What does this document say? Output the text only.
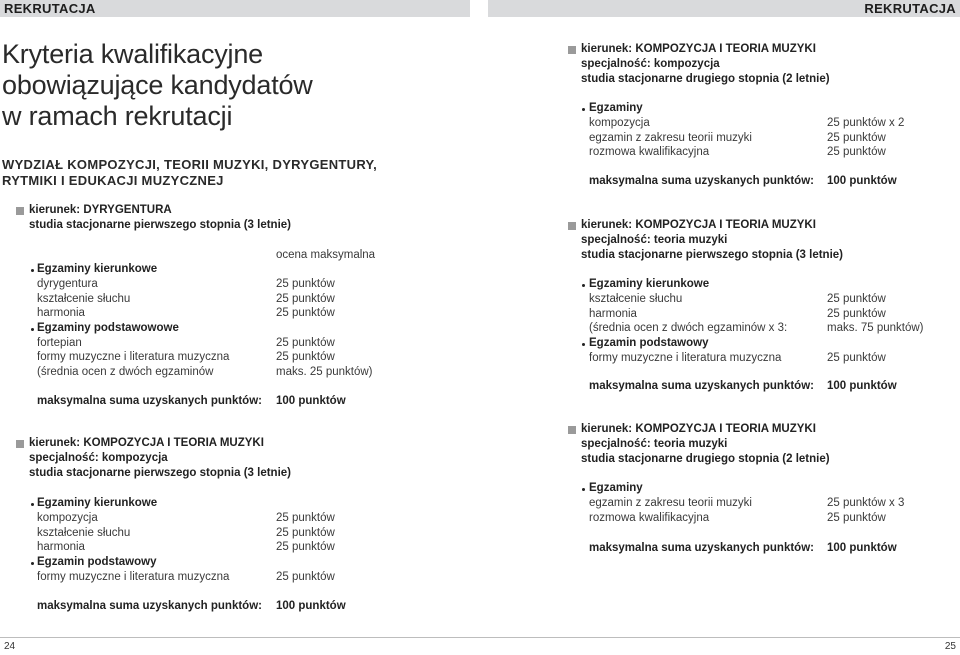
REKRUTACJA	REKRUTACJA
Kryteria kwalifikacyjne
obowiązujące kandydatów
w ramach rekrutacji
WYDZIAŁ KOMPOZYCJI, TEORII MUZYKI, DYRYGENTURY,
RYTMIKI I EDUKACJI MUZYCZNEJ
kierunek: DYRYGENTURA
studia stacjonarne pierwszego stopnia (3 letnie)
ocena maksymalna
Egzaminy kierunkowe
dyrygentura	25 punktów
kształcenie słuchu	25 punktów
harmonia	25 punktów
Egzaminy podstawowowe
fortepian	25 punktów
formy muzyczne i literatura muzyczna	25 punktów
(średnia ocen z dwóch egzaminów	maks. 25 punktów)
maksymalna suma uzyskanych punktów: 100 punktów
kierunek: KOMPOZYCJA I TEORIA MUZYKI
specjalność: kompozycja
studia stacjonarne pierwszego stopnia (3 letnie)
Egzaminy kierunkowe
kompozycja	25 punktów
kształcenie słuchu	25 punktów
harmonia	25 punktów
Egzamin podstawowy
formy muzyczne i literatura muzyczna	25 punktów
maksymalna suma uzyskanych punktów: 100 punktów
kierunek: KOMPOZYCJA I TEORIA MUZYKI
specjalność: kompozycja
studia stacjonarne drugiego stopnia (2 letnie)
Egzaminy
kompozycja	25 punktów x 2
egzamin z zakresu teorii muzyki	25 punktów
rozmowa kwalifikacyjna	25 punktów
maksymalna suma uzyskanych punktów: 100 punktów
kierunek: KOMPOZYCJA I TEORIA MUZYKI
specjalność: teoria muzyki
studia stacjonarne pierwszego stopnia (3 letnie)
Egzaminy kierunkowe
kształcenie słuchu	25 punktów
harmonia	25 punktów
(średnia ocen z dwóch egzaminów x 3:	maks. 75 punktów)
Egzamin podstawowy
formy muzyczne i literatura muzyczna	25 punktów
maksymalna suma uzyskanych punktów: 100 punktów
kierunek: KOMPOZYCJA I TEORIA MUZYKI
specjalność: teoria muzyki
studia stacjonarne drugiego stopnia (2 letnie)
Egzaminy
egzamin z zakresu teorii muzyki	25 punktów x 3
rozmowa kwalifikacyjna	25 punktów
maksymalna suma uzyskanych punktów: 100 punktów
24	25
